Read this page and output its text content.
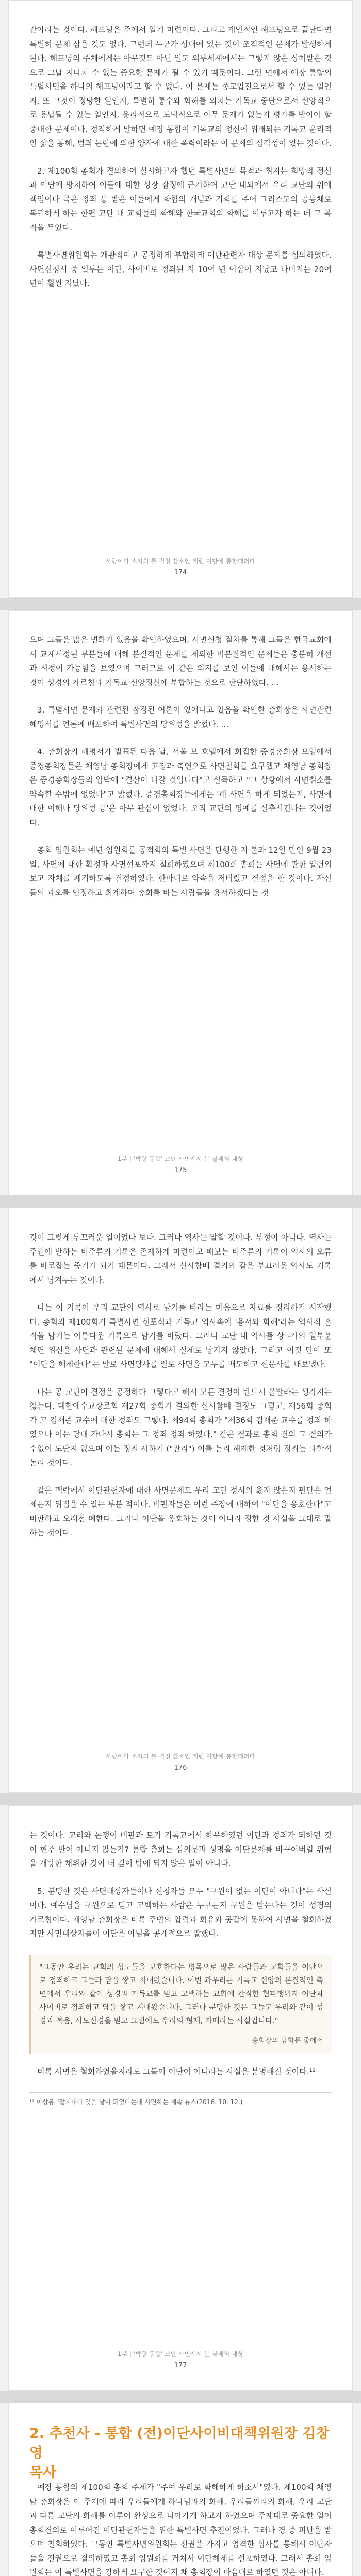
간아라는 것이다. 해프닝은 주에서 일거 마련이다. 그리고 개인적인 해프닝으로 끝난다면 특별히 문제 삼을 것도 없다. 그런데 누군가 상대에 있는 것이 조직적인 문제가 발생하게 된다. 해프닝의 주체에게는 아무것도 아닌 일도 외부세계에서는 그렇지 않은 상처받은 것으로 그날 지나치 수 없는 중요한 문제가 될 수 있기 때문이다. 그런 면에서 예장 통합의 특별사면을 하나의 해프닝이라고 할 수 없다. 이 문제는 종교입진으로서 할 수 있는 일인지, 또 그것이 정당한 일인지, 특별히 통수와 화해를 외치는 기독교 중단으로서 신앙적으로 용납될 수 있는 일인지, 윤리적으로 도덕적으로 아무 문제가 없는지 평가를 받아야 할 중대한 문제이다. 정직하게 말하면 예장 통합이 기독교의 정신에 위배되는 기독교 윤리적인 삶을 통해, 범죄 논란에 의한 양자에 대한 폭력이라는 이 문제의 심각성이 있는 것이다.

2. 제100회 총회가 결의하여 실시하고자 했던 특별사면의 목적과 취지는 희망적 정신과 이단에 방치하여 이들에 대한 성장 잠정에 근거하여 교단 내외에서 우리 교단의 위에 책임이다 묵은 정죄 등 받은 이들에게 화합의 개념과 기회를 주어 그리스도의 공동체로 복귀하게 하는 한편 교단 내 교회들의 화해와 한국교회의 화해를 이루고자 하는 데 그 목적을 두었다.

특별사면위원회는 개관적이고 공정하게 부합하게 이단관련자 대상 문제를 심의하였다. 사면신청서 중 일부는 이단, 사이비로 정죄된 지 10여 년 이상이 지났고 나머지는 20여 년이 훨씬 지났다.

사랑이다 소자의 틀 걱정 참소인 캐런 이단에 통합패러다
174

으며 그들은 많은 변화가 있음을 확인하였으며, 사면신청 절차를 통해 그들은 한국교회에서 교계시정된 부분들에 대해 본질적인 문제를 제외한 비본질적인 문제들은 충분히 개선과 시정이 가능함을 보였으며 그러므로 이 같은 의지를 보인 이들에 대해서는 용서하는 것이 성경의 가르침과 기독교 신앙정신에 부합하는 것으로 판단하였다. …

3. 특별사면 문제와 관련된 잠정된 여론이 있어나고 있음을 확인한 총회장은 사면관련 해명서를 언론에 배포하여 특별사면의 당위성을 밝혔다. …

4. 총회장의 해명서가 발표된 다음 날, 서울 모 호텔에서 회집한 증경총회장 모임에서 증경총회장들은 채영남 총회장에게 고징과 축연으로 사면철회를 요구했고 채영남 총회장은 증경총회장들의 압박에 "결산이 나갈 것입니다"고 설득하고 "그 상황에서 사면취소를 약속할 수밖에 없었다"고 밝혔다. 증경총회장들에게는 '폐 사면을 하게 되었는지, 사면에 대한 이해나 당위성 등'은 아무 관심이 없었다. 오직 교단의 명예를 실추시킨다는 것이었다.

총회 임원회는 예년 임원회를 공적회의 특별 사면을 단행한 지 불과 12일 만인 9월 23일, 사면에 대한 확정과 사면선포까지 철회하였으며 제100회 총회는 사면에 관한 일련의 보고 자체를 폐기하도록 결정하였다. 한마디로 약속을 저버렸고 결정을 한 것이다. 자신들의 과오를 인정하고 최계하며 총회를 바는 사람들을 용서하겠다는 것

1부 | '박광 통합' 교단 사면에서 본 불쾌의 내상
175

것이 그렇게 부끄러운 일이었나 보다. 그러나 역사는 말할 것이다. 부정이 아니다. 역사는 주권에 반하는 비주류의 기록은 존재하게 마련이고 배보는 비주류의 기록이 역사의 오류를 바로잡는 중거가 되기 때문이다. 그래서 신사참배 결의와 같은 부끄러운 역사도 기록에서 남겨두는 것이다.

나는 이 기록이 우리 교단의 역사로 남기를 바라는 마음으로 자료를 정리하기 시작했다. 총회의 제100회기 특별사면 선포식과 기독교 역사속에 '용서와 화해'라는 역사적 흔적을 남기는 아름다운 기록으로 남기를 바랐다. 그러나 교단 내 역사를 상 -가의 일부분 체면 위신을 사면과 관련된 문제에 대해서 실제로 남기지 않았다. 그리고 이것 만이 또 "이단을 해제한다"는 말로 사면당사를 일로 사면을 모두를 배도하고 신문사를 내보냈다.

나는 공 교단이 결정을 공정하다 그렇다고 해서 모든 결정이 반드시 올발라는 생각지는 않는다. 대한예수교장로회 제27회 총회가 결의한 신사참배 결정도 그렇고, 제56회 총회가 고 김재준 교수에 대한 정죄도 그렇다. 제94회 총회가 "제36회 김재준 교수를 정죄 하였으나 이는 당대 가다시 총회는 그 정죄 정죄 하였다." 같은 결과로 총회 결의 그 결의가 수없이 도단지 없으며 이는 정죄 사하기 ("관리") 이를 논리 해제한 것처럼 정죄는 과학적 논리 것이다.

같은 맥락에서 이단관련자에 대한 사면문제도 우리 교단 정서의 옳지 않은지 판단은 언제든지 뒤집을 수 있는 부분 적이다. 비판자들은 이런 주장에 대하여 "이단을 옹호한다"고 비판하고 오래전 폐한다. 그러나 이단을 옹호하는 것이 아니라 정한 것 사실을 그대로 말하는 것이다.

사랑이다 소자의 틀 걱정 참소인 캐런 이단에 통합패러다
176

는 것이다. 교리와 논쟁이 비판과 토기 기독교에서 하무하였던 이단과 정죄가 되하던 것이 현주 반어 아니지 않는가? 통합 총회는 심의문과 성명을 이단문제를 바꾸어버릴 위험을 개방한 채위한 것이 더 깊이 밤에 되지 않은 일이 아니다.

5. 분명한 것은 사면대상자들이나 신청자들 모두 "구원이 없는 이단이 아니다"는 사실이다. 예수님을 구원으로 믿고 고백하는 사람은 누구든지 구원을 받는다는 것이 성경의 가르침이다. 채영남 총회장은 비록 주변의 압력과 회유와 공갈에 못하여 사면을 철회하였지만 사면대상자들이 이단은 아님을 공개적으로 말했다.

"그동안 우리는 교회의 성도들을 보호한다는 명목으로 많은 사람들과 교회들을 이단으로 정죄하고 그들과 담을 쌓고 지내왔습니다. 이번 과우리는 기독교 신앙의 본질적인 측면에서 우리와 같이 성경과 기독교를 믿고 고백하는 교회에 간직한 혐파행위자 이단과 사이비로 정죄하고 담을 쌓고 지내왔습니다. 그러나 분명한 것은 그들도 우리와 같이 성경과 복음, 사도신경을 믿고 그럼에도 우리의 형제, 자매라는 사실입니다."

- 총회장의 담화문 중에서

비록 사면은 철회하였을지라도 그들이 이단이 아니라는 사실은 분명해진 것이다.¹²

¹² 이상봉 "잘지내다 잊을 날이 되었다는데 사면하는 계속 뉴스(2016. 10. 12.)
1부 | '박광 통합' 교단 사면에서 본 불쾌의 내상
177
2. 추천사 - 통합 (전)이단사이비대책위원장 김창영
목사

예장 통합의 제100회 총회 주제가 "주여 우리로 화해하게 하소서"였다. 제100회 채영남 총회장은 이 주제에 따라 우리들에게 하나님과의 화해, 우리들끼리의 화해, 우리 교단과 다른 교단의 화해를 이루어 완성으로 나아가게 하고자 하였으며 주제대로 중요한 일이 총회결의로 이루어진 이단관련자들을 위한 특별사면 추진이었다. 그러나 경 중 피난을 받으며 철회하였다. 그동안 특별사면위원회는 전권을 가지고 엄격한 심사를 통해서 이단자들을 전권으로 결의하였고 총회 임원회를 거쳐서 이단해제를 선포하였다. 그래서 총회 임원회는 이 특별사면을 강하게 요구한 것이지 채 총회장이 마음대로 하였던 것은 아니다.
